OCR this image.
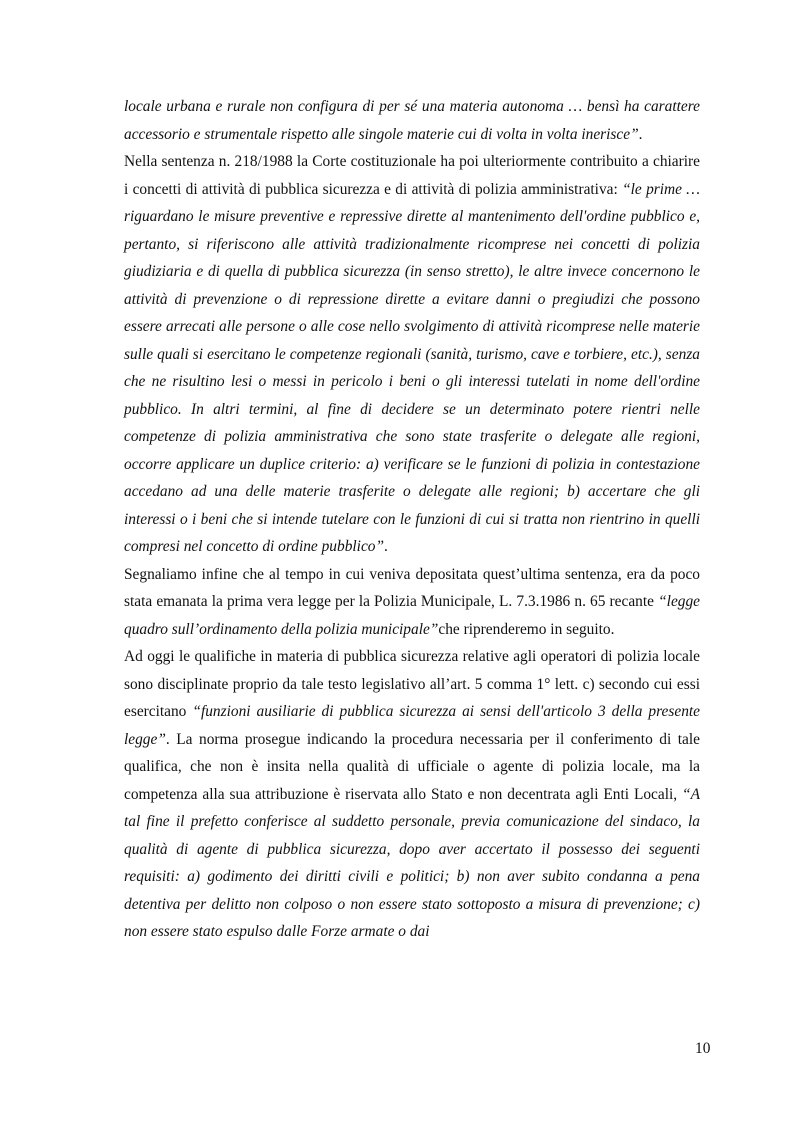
locale urbana e rurale non configura di per sé una materia autonoma … bensì ha carattere accessorio e strumentale rispetto alle singole materie cui di volta in volta inerisce”.

Nella sentenza n. 218/1988 la Corte costituzionale ha poi ulteriormente contribuito a chiarire i concetti di attività di pubblica sicurezza e di attività di polizia amministrativa: “le prime … riguardano le misure preventive e repressive dirette al mantenimento dell'ordine pubblico e, pertanto, si riferiscono alle attività tradizionalmente ricomprese nei concetti di polizia giudiziaria e di quella di pubblica sicurezza (in senso stretto), le altre invece concernono le attività di prevenzione o di repressione dirette a evitare danni o pregiudizi che possono essere arrecati alle persone o alle cose nello svolgimento di attività ricomprese nelle materie sulle quali si esercitano le competenze regionali (sanità, turismo, cave e torbiere, etc.), senza che ne risultino lesi o messi in pericolo i beni o gli interessi tutelati in nome dell'ordine pubblico. In altri termini, al fine di decidere se un determinato potere rientri nelle competenze di polizia amministrativa che sono state trasferite o delegate alle regioni, occorre applicare un duplice criterio: a) verificare se le funzioni di polizia in contestazione accedano ad una delle materie trasferite o delegate alle regioni; b) accertare che gli interessi o i beni che si intende tutelare con le funzioni di cui si tratta non rientrino in quelli compresi nel concetto di ordine pubblico”.

Segnaliamo infine che al tempo in cui veniva depositata quest’ultima sentenza, era da poco stata emanata la prima vera legge per la Polizia Municipale, L. 7.3.1986 n. 65 recante “legge quadro sull’ordinamento della polizia municipale”che riprenderemo in seguito.

Ad oggi le qualifiche in materia di pubblica sicurezza relative agli operatori di polizia locale sono disciplinate proprio da tale testo legislativo all’art. 5 comma 1° lett. c) secondo cui essi esercitano “funzioni ausiliarie di pubblica sicurezza ai sensi dell'articolo 3 della presente legge”. La norma prosegue indicando la procedura necessaria per il conferimento di tale qualifica, che non è insita nella qualità di ufficiale o agente di polizia locale, ma la competenza alla sua attribuzione è riservata allo Stato e non decentrata agli Enti Locali, “A tal fine il prefetto conferisce al suddetto personale, previa comunicazione del sindaco, la qualità di agente di pubblica sicurezza, dopo aver accertato il possesso dei seguenti requisiti: a) godimento dei diritti civili e politici; b) non aver subito condanna a pena detentiva per delitto non colposo o non essere stato sottoposto a misura di prevenzione; c) non essere stato espulso dalle Forze armate o dai

10
